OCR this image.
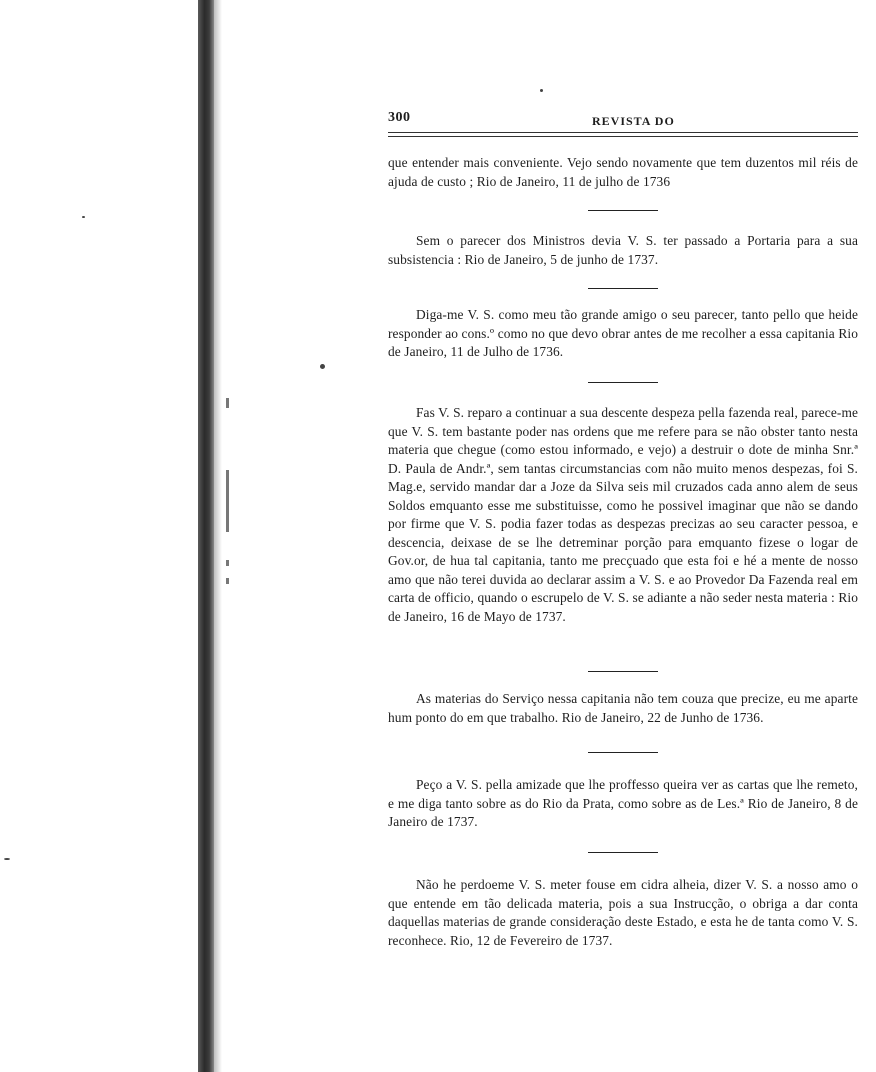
300	REVISTA DO

que entender mais conveniente. Vejo sendo novamente que tem duzentos mil réis de ajuda de custo ; Rio de Janeiro, 11 de julho de 1736

Sem o parecer dos Ministros devia V. S. ter passado a Portaria para a sua subsistencia : Rio de Janeiro, 5 de junho de 1737.

Diga-me V. S. como meu tão grande amigo o seu parecer, tanto pello que heide responder ao cons.º como no que devo obrar antes de me recolher a essa capitania Rio de Janeiro, 11 de Julho de 1736.

Fas V. S. reparo a continuar a sua descente despeza pella fazenda real, parece-me que V. S. tem bastante poder nas ordens que me refere para se não obster tanto nesta materia que chegue (como estou informado, e vejo) a destruir o dote de minha Snr.ª D. Paula de Andr.ª, sem tantas circumstancias com não muito menos despezas, foi S. Mag.e, servido mandar dar a Joze da Silva seis mil cruzados cada anno alem de seus Soldos emquanto esse me substituisse, como he possivel imaginar que não se dando por firme que V. S. podia fazer todas as despezas precizas ao seu caracter pessoa, e descencia, deixase de se lhe detreminar porção para emquanto fizese o logar de Gov.or, de hua tal capitania, tanto me precçuado que esta foi e hé a mente de nosso amo que não terei duvida ao declarar assim a V. S. e ao Provedor Da Fazenda real em carta de officio, quando o escrupelo de V. S. se adiante a não seder nesta materia : Rio de Janeiro, 16 de Mayo de 1737.

As materias do Serviço nessa capitania não tem couza que precize, eu me aparte hum ponto do em que trabalho. Rio de Janeiro, 22 de Junho de 1736.

Peço a V. S. pella amizade que lhe proffesso queira ver as cartas que lhe remeto, e me diga tanto sobre as do Rio da Prata, como sobre as de Les.ª Rio de Janeiro, 8 de Janeiro de 1737.

Não he perdoeme V. S. meter fouse em cidra alheia, dizer V. S. a nosso amo o que entende em tão delicada materia, pois a sua Instrucção, o obriga a dar conta daquellas materias de grande consideração deste Estado, e esta he de tanta como V. S. reconhece. Rio, 12 de Fevereiro de 1737.
